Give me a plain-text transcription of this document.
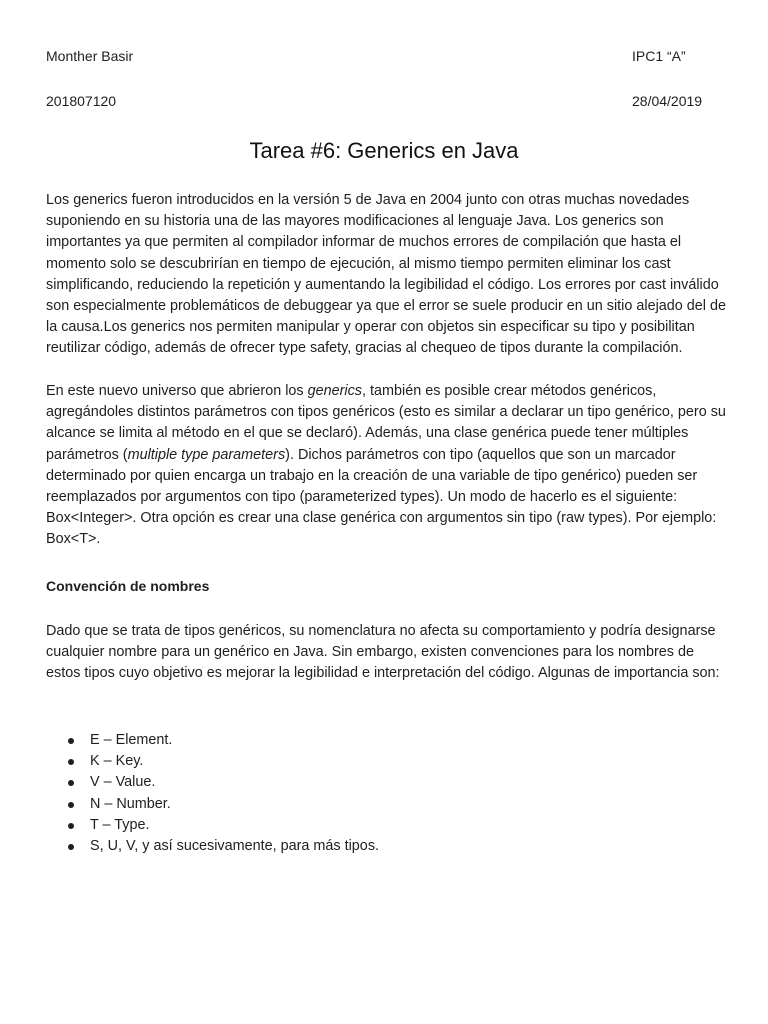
Monther Basir	IPC1 “A”
201807120	28/04/2019
Tarea #6: Generics en Java

Los generics fueron introducidos en la versión 5 de Java en 2004 junto con otras muchas novedades suponiendo en su historia una de las mayores modificaciones al lenguaje Java. Los generics son importantes ya que permiten al compilador informar de muchos errores de compilación que hasta el momento solo se descubrirían en tiempo de ejecución, al mismo tiempo permiten eliminar los cast simplificando, reduciendo la repetición y aumentando la legibilidad el código. Los errores por cast inválido son especialmente problemáticos de debuggear ya que el error se suele producir en un sitio alejado del de la causa.Los generics nos permiten manipular y operar con objetos sin especificar su tipo y posibilitan reutilizar código, además de ofrecer type safety, gracias al chequeo de tipos durante la compilación.

En este nuevo universo que abrieron los generics, también es posible crear métodos genéricos, agregándoles distintos parámetros con tipos genéricos (esto es similar a declarar un tipo genérico, pero su alcance se limita al método en el que se declaró). Además, una clase genérica puede tener múltiples parámetros (multiple type parameters). Dichos parámetros con tipo (aquellos que son un marcador determinado por quien encarga un trabajo en la creación de una variable de tipo genérico) pueden ser reemplazados por argumentos con tipo (parameterized types). Un modo de hacerlo es el siguiente: Box<Integer>. Otra opción es crear una clase genérica con argumentos sin tipo (raw types). Por ejemplo: Box<T>.

Convención de nombres

Dado que se trata de tipos genéricos, su nomenclatura no afecta su comportamiento y podría designarse cualquier nombre para un genérico en Java. Sin embargo, existen convenciones para los nombres de estos tipos cuyo objetivo es mejorar la legibilidad e interpretación del código. Algunas de importancia son:

E – Element.
K – Key.
V – Value.
N – Number.
T – Type.
S, U, V, y así sucesivamente, para más tipos.
